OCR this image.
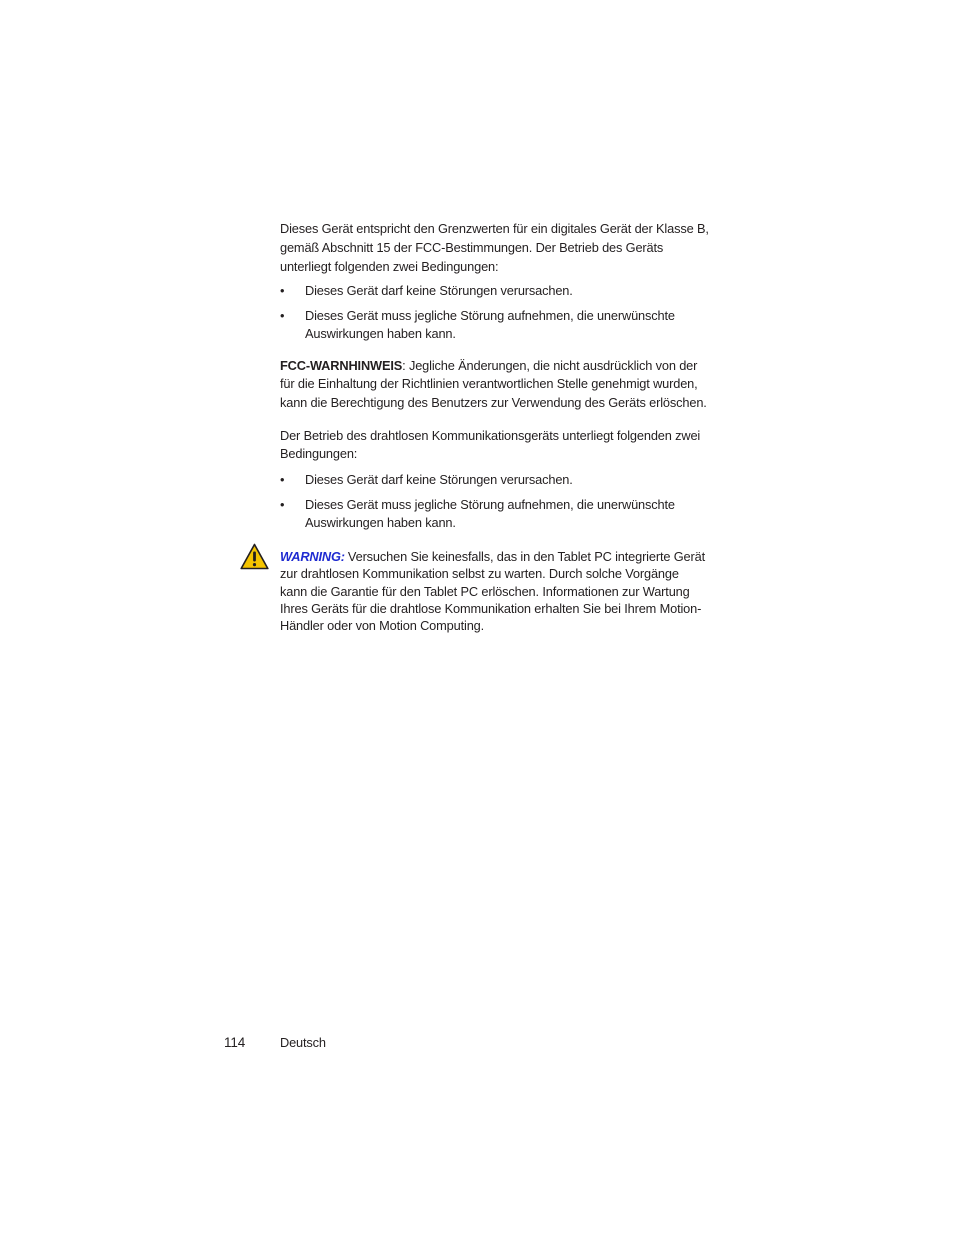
Dieses Gerät entspricht den Grenzwerten für ein digitales Gerät der Klasse B,
gemäß Abschnitt 15 der FCC-Bestimmungen. Der Betrieb des Geräts
unterliegt folgenden zwei Bedingungen:
• Dieses Gerät darf keine Störungen verursachen.
• Dieses Gerät muss jegliche Störung aufnehmen, die unerwünschte
Auswirkungen haben kann.
FCC-WARNHINWEIS: Jegliche Änderungen, die nicht ausdrücklich von der
für die Einhaltung der Richtlinien verantwortlichen Stelle genehmigt wurden,
kann die Berechtigung des Benutzers zur Verwendung des Geräts erlöschen.
Der Betrieb des drahtlosen Kommunikationsgeräts unterliegt folgenden zwei
Bedingungen:
• Dieses Gerät darf keine Störungen verursachen.
• Dieses Gerät muss jegliche Störung aufnehmen, die unerwünschte
Auswirkungen haben kann.
WARNING: Versuchen Sie keinesfalls, das in den Tablet PC integrierte Gerät
zur drahtlosen Kommunikation selbst zu warten. Durch solche Vorgänge
kann die Garantie für den Tablet PC erlöschen. Informationen zur Wartung
Ihres Geräts für die drahtlose Kommunikation erhalten Sie bei Ihrem Motion-
Händler oder von Motion Computing.
114	Deutsch
